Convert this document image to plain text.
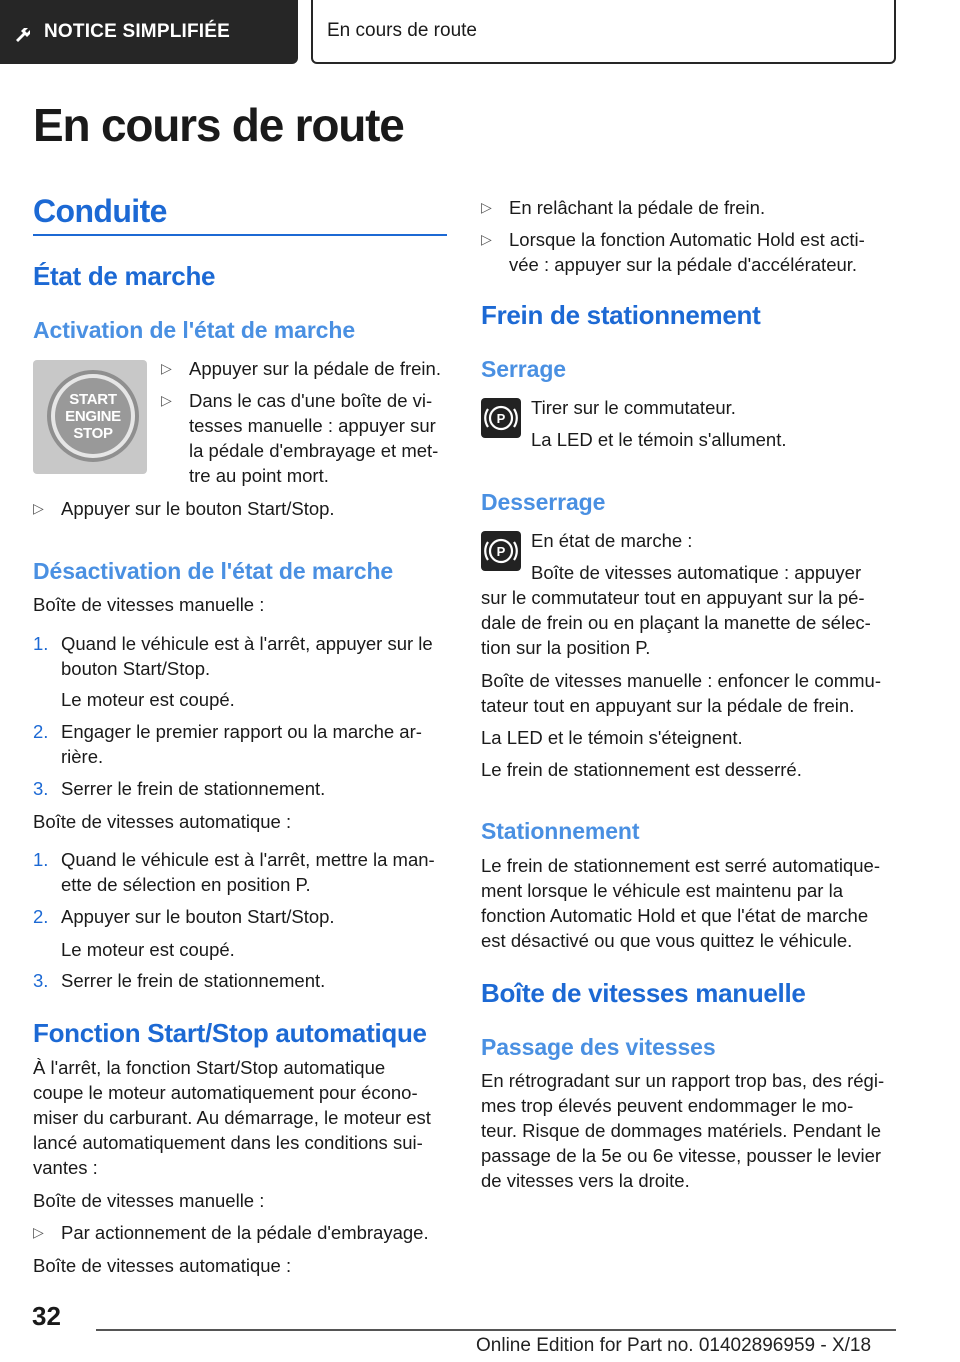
NOTICE SIMPLIFIÉE	En cours de route
En cours de route
Conduite
État de marche
Activation de l'état de marche
START
ENGINE
STOP
▷ Appuyer sur la pédale de frein.
▷ Dans le cas d'une boîte de vi-
tesses manuelle : appuyer sur
la pédale d'embrayage et met-
tre au point mort.
▷ Appuyer sur le bouton Start/Stop.
Désactivation de l'état de marche
Boîte de vitesses manuelle :
1. Quand le véhicule est à l'arrêt, appuyer sur le
bouton Start/Stop.
Le moteur est coupé.
2. Engager le premier rapport ou la marche ar-
rière.
3. Serrer le frein de stationnement.
Boîte de vitesses automatique :
1. Quand le véhicule est à l'arrêt, mettre la man-
ette de sélection en position P.
2. Appuyer sur le bouton Start/Stop.
Le moteur est coupé.
3. Serrer le frein de stationnement.
Fonction Start/Stop automatique
À l'arrêt, la fonction Start/Stop automatique
coupe le moteur automatiquement pour écono-
miser du carburant. Au démarrage, le moteur est
lancé automatiquement dans les conditions sui-
vantes :
Boîte de vitesses manuelle :
▷ Par actionnement de la pédale d'embrayage.
Boîte de vitesses automatique :
▷ En relâchant la pédale de frein.
▷ Lorsque la fonction Automatic Hold est acti-
vée : appuyer sur la pédale d'accélérateur.
Frein de stationnement
Serrage
P
Tirer sur le commutateur.
La LED et le témoin s'allument.
Desserrage
P
En état de marche :
Boîte de vitesses automatique : appuyer
sur le commutateur tout en appuyant sur la pé-
dale de frein ou en plaçant la manette de sélec-
tion sur la position P.
Boîte de vitesses manuelle : enfoncer le commu-
tateur tout en appuyant sur la pédale de frein.
La LED et le témoin s'éteignent.
Le frein de stationnement est desserré.
Stationnement
Le frein de stationnement est serré automatique-
ment lorsque le véhicule est maintenu par la
fonction Automatic Hold et que l'état de marche
est désactivé ou que vous quittez le véhicule.
Boîte de vitesses manuelle
Passage des vitesses
En rétrogradant sur un rapport trop bas, des régi-
mes trop élevés peuvent endommager le mo-
teur. Risque de dommages matériels. Pendant le
passage de la 5e ou 6e vitesse, pousser le levier
de vitesses vers la droite.
32
Online Edition for Part no. 01402896959 - X/18
